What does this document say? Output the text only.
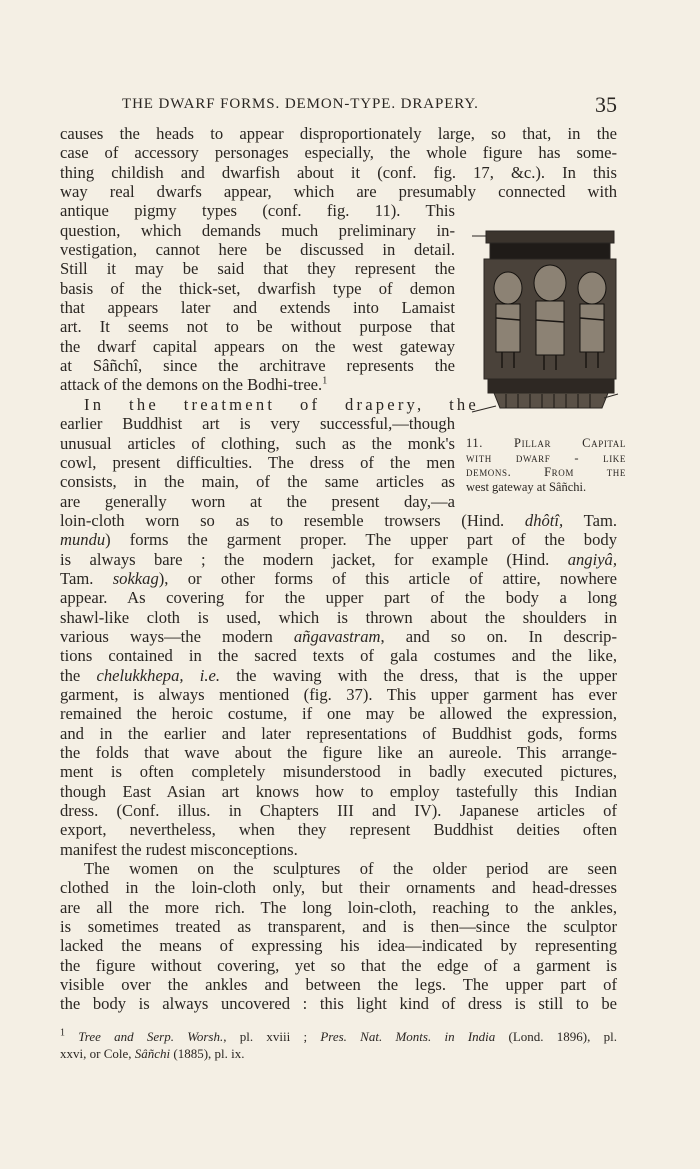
THE DWARF FORMS. DEMON-TYPE. DRAPERY.	35
causes the heads to appear disproportionately large, so that, in the
case of accessory personages especially, the whole figure has some-
thing childish and dwarfish about it (conf. fig. 17, &c.). In this
way real dwarfs appear, which are presumably connected with
antique pigmy types (conf. fig. 11). This
question, which demands much preliminary in-
vestigation, cannot here be discussed in detail.
Still it may be said that they represent the
basis of the thick-set, dwarfish type of demon
that appears later and extends into Lamaist
art. It seems not to be without purpose that
the dwarf capital appears on the west gateway
at Sâñchî, since the architrave represents the
attack of the demons on the Bodhi-tree.$^1$
In the treatment of drapery, the
earlier Buddhist art is very successful,—though
unusual articles of clothing, such as the monk's
cowl, present difficulties. The dress of the men
consists, in the main, of the same articles as
are generally worn at the present day,—a
loin-cloth worn so as to resemble trowsers (Hind. dhôtî, Tam.
mundu) forms the garment proper. The upper part of the body
is always bare ; the modern jacket, for example (Hind. angiyâ,
Tam. sokkag), or other forms of this article of attire, nowhere
appear. As covering for the upper part of the body a long
shawl-like cloth is used, which is thrown about the shoulders in
various ways—the modern añgavastram, and so on. In descrip-
tions contained in the sacred texts of gala costumes and the like,
the chelukkhepa, i.e. the waving with the dress, that is the upper
garment, is always mentioned (fig. 37). This upper garment has ever
remained the heroic costume, if one may be allowed the expression,
and in the earlier and later representations of Buddhist gods, forms
the folds that wave about the figure like an aureole. This arrange-
ment is often completely misunderstood in badly executed pictures,
though East Asian art knows how to employ tastefully this Indian
dress. (Conf. illus. in Chapters III and IV). Japanese articles of
export, nevertheless, when they represent Buddhist deities often
manifest the rudest misconceptions.
The women on the sculptures of the older period are seen
clothed in the loin-cloth only, but their ornaments and head-dresses
are all the more rich. The long loin-cloth, reaching to the ankles,
is sometimes treated as transparent, and is then—since the sculptor
lacked the means of expressing his idea—indicated by representing
the figure without covering, yet so that the edge of a garment is
visible over the ankles and between the legs. The upper part of
the body is always uncovered : this light kind of dress is still to be
11. Pillar Capital
with dwarf - like
demons. From the
west gateway at Sâñchi.
$^1$ Tree and Serp. Worsh., pl. xviii ; Pres. Nat. Monts. in India (Lond. 1896), pl.
xxvi, or Cole, Sâñchi (1885), pl. ix.
